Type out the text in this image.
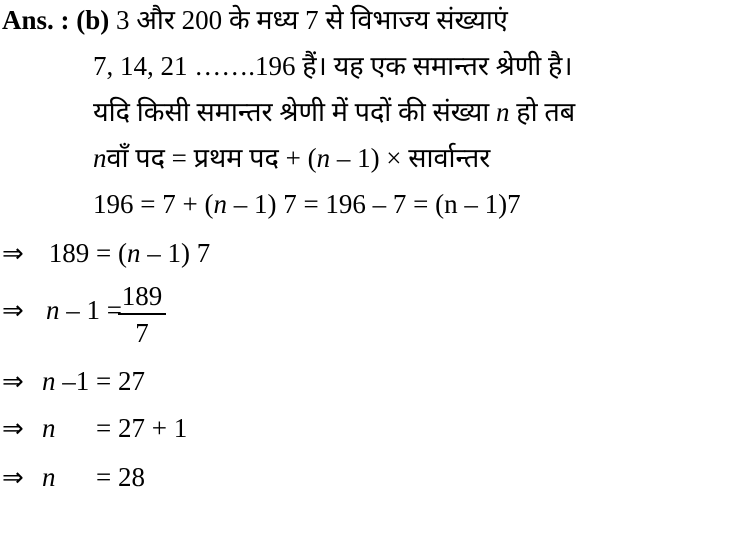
Ans. : (b) 3 और 200 के मध्य 7 से विभाज्य संख्याएं
7, 14, 21 …….196 हैं। यह एक समान्तर श्रेणी है।
यदि किसी समान्तर श्रेणी में पदों की संख्या n हो तब
nवाँ पद = प्रथम पद + (n – 1) × सार्वान्तर
196 = 7 + (n – 1) 7 = 196 – 7 = (n – 1)7
⇒ 189 = (n – 1) 7
⇒ n – 1 = 189
7
⇒ n –1 = 27
⇒ n      = 27 + 1
⇒ n      = 28
